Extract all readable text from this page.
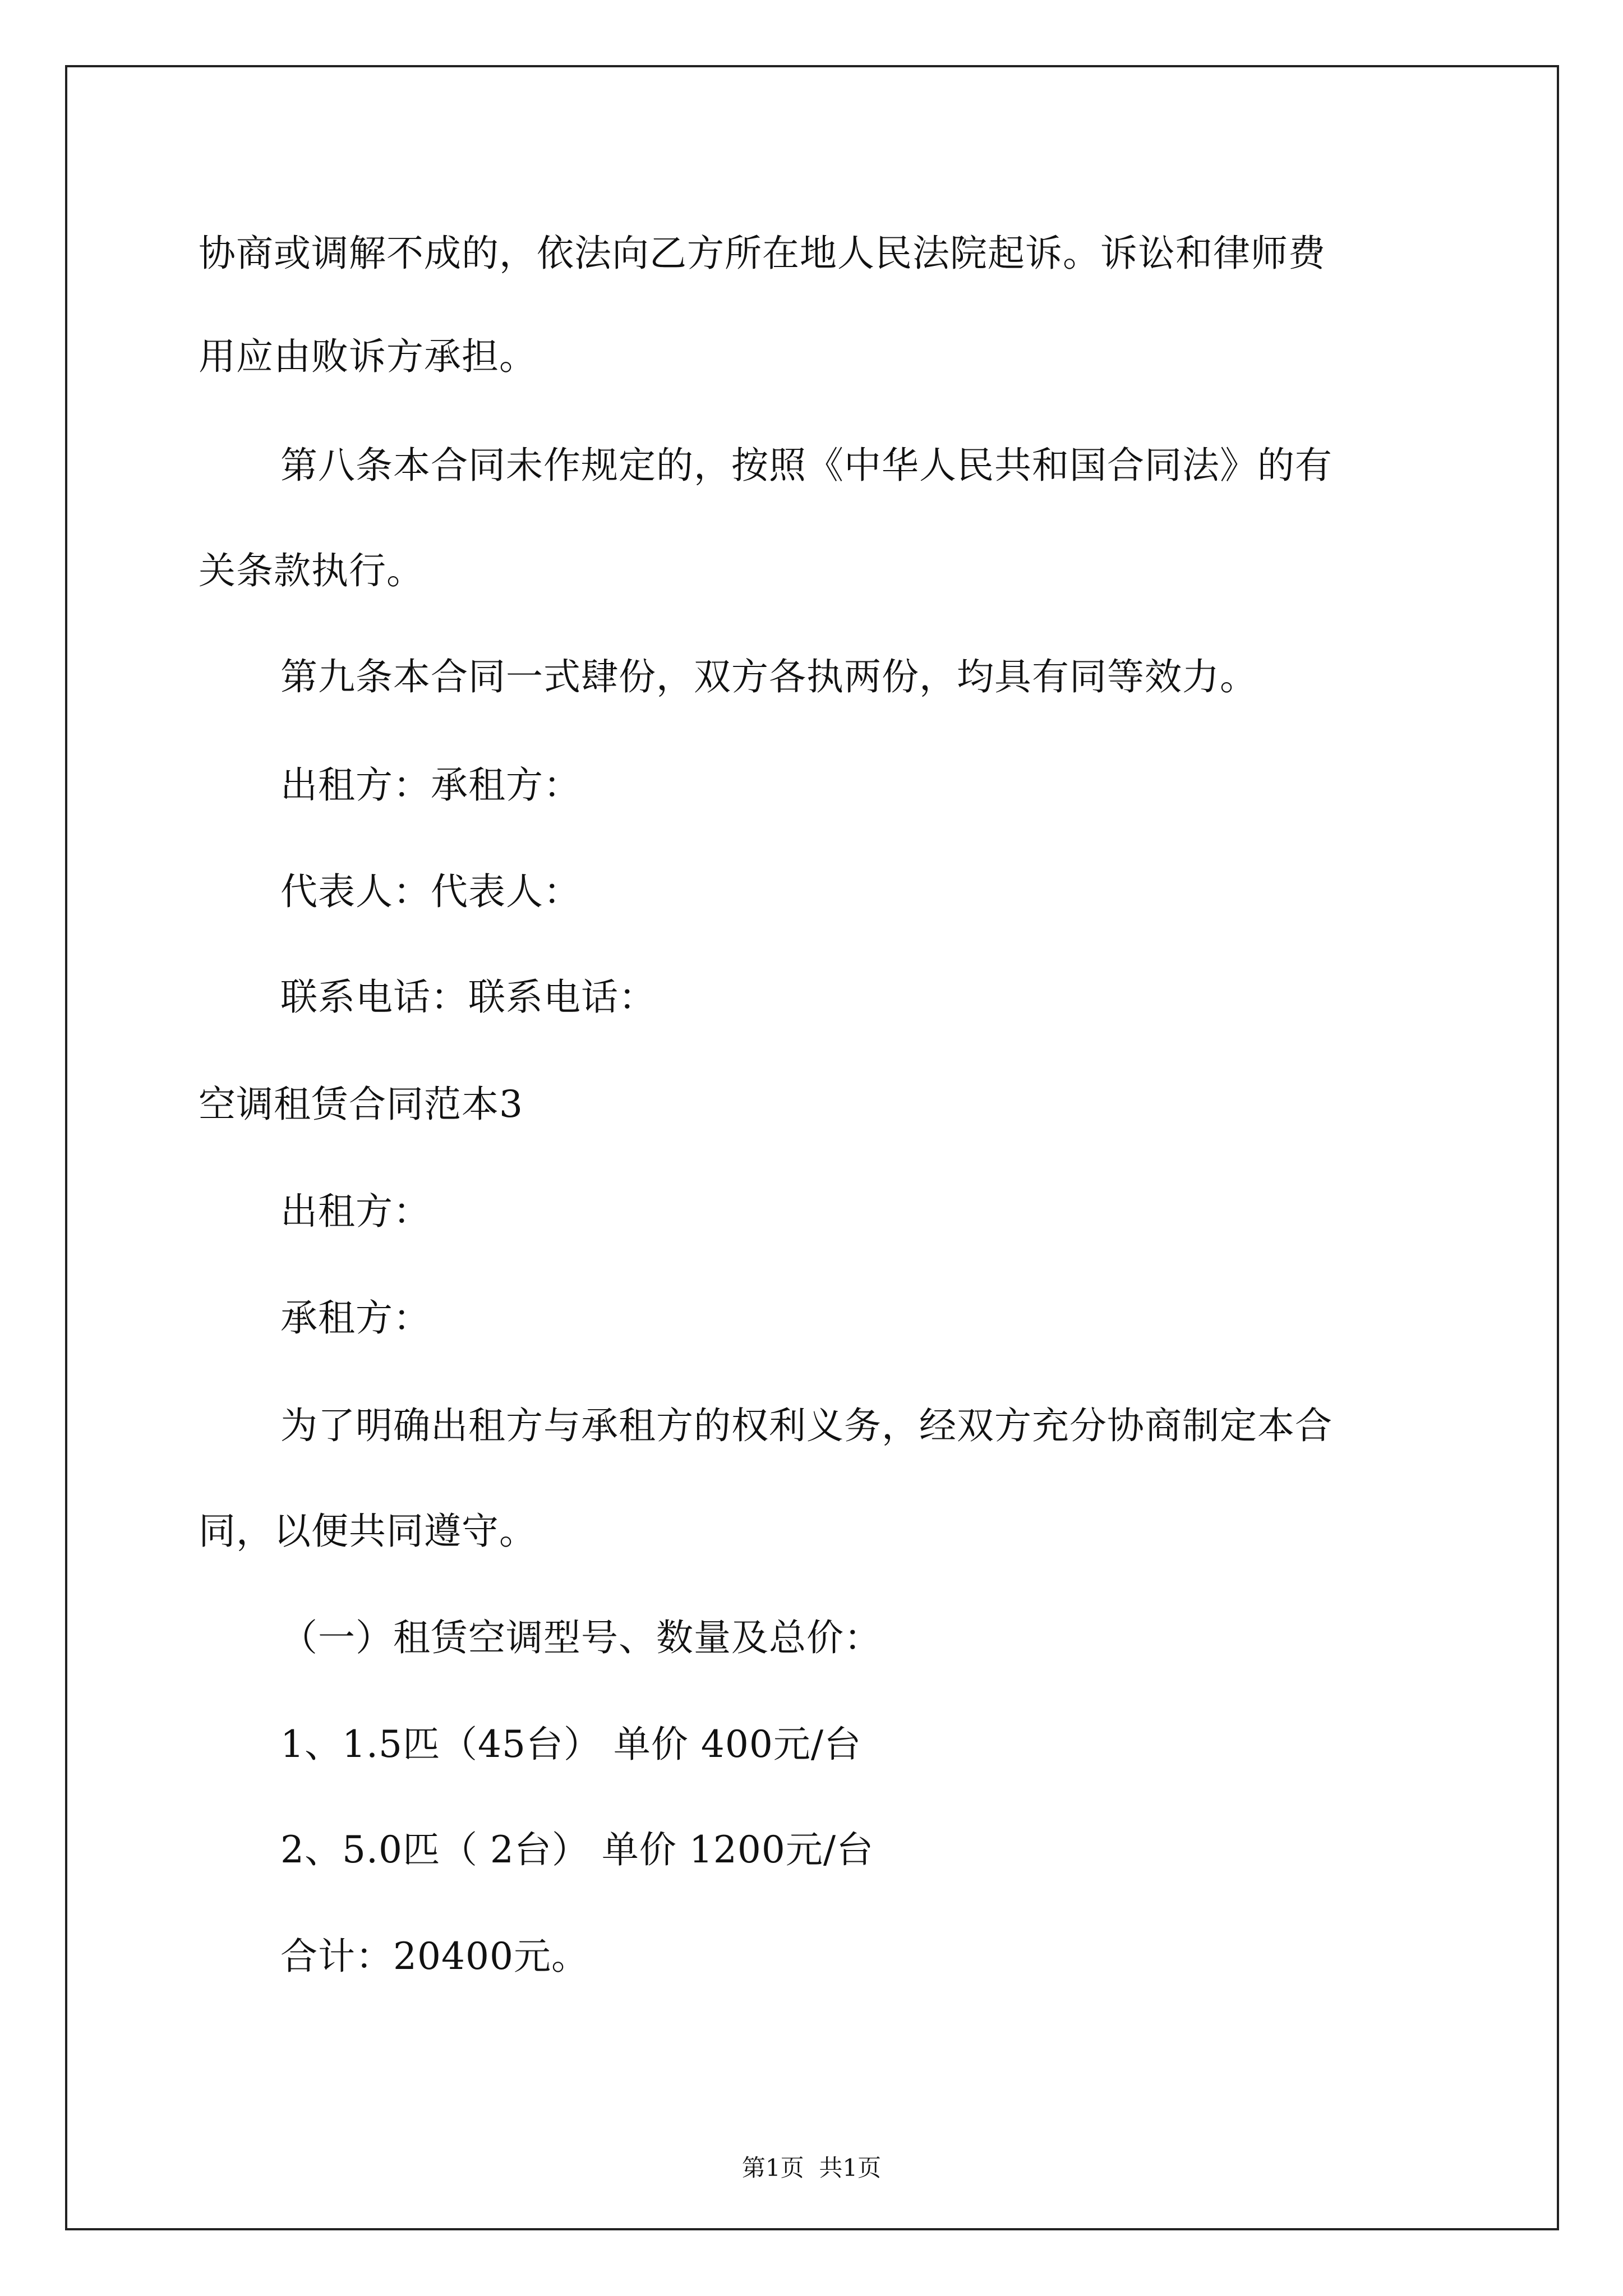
协商或调解不成的，依法向乙方所在地人民法院起诉。诉讼和律师费
用应由败诉方承担。
第八条本合同未作规定的，按照《中华人民共和国合同法》的有
关条款执行。
第九条本合同一式肆份，双方各执两份，均具有同等效力。
出租方：承租方：
代表人：代表人：
联系电话：联系电话：
空调租赁合同范本3
出租方：
承租方：
为了明确出租方与承租方的权利义务，经双方充分协商制定本合
同，以便共同遵守。
（一）租赁空调型号、数量及总价：
1、1.5匹（45台） 单价 400元/台
2、5.0匹（ 2台） 单价 1200元/台
合计：20400元。
第1页  共1页
